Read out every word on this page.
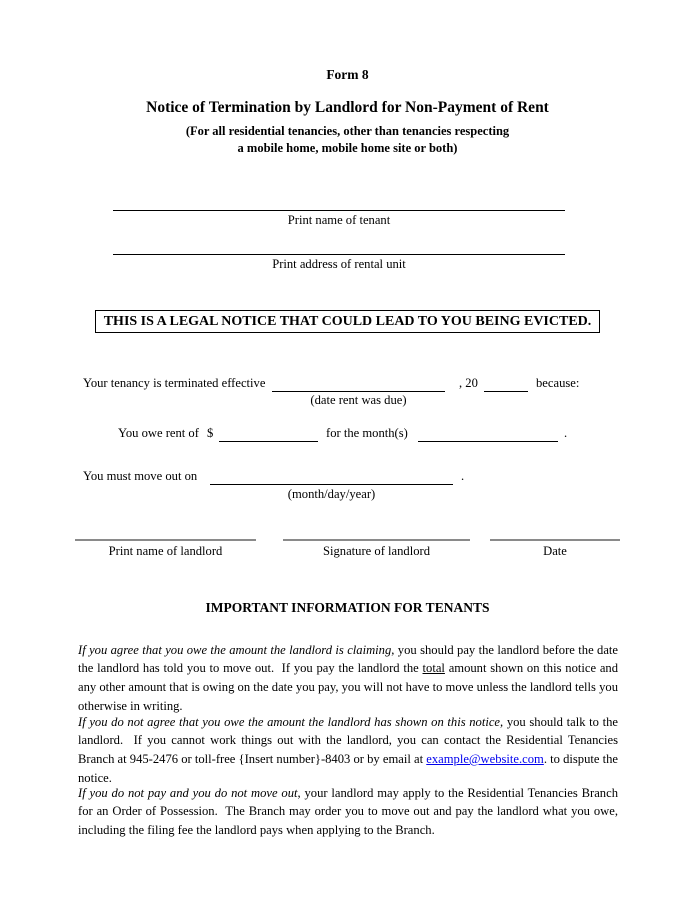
Form 8
Notice of Termination by Landlord for Non-Payment of Rent
(For all residential tenancies, other than tenancies respecting
a mobile home, mobile home site or both)
Print name of tenant
Print address of rental unit
THIS IS A LEGAL NOTICE THAT COULD LEAD TO YOU BEING EVICTED.
Your tenancy is terminated effective	, 20	because:
(date rent was due)
You owe rent of $	for the month(s)	.
You must move out on	.
(month/day/year)
Print name of landlord	Signature of landlord	Date
IMPORTANT INFORMATION FOR TENANTS

If you agree that you owe the amount the landlord is claiming, you should pay the landlord before the date the landlord has told you to move out.  If you pay the landlord the total amount shown on this notice and any other amount that is owing on the date you pay, you will not have to move unless the landlord tells you otherwise in writing.

If you do not agree that you owe the amount the landlord has shown on this notice, you should talk to the landlord.  If you cannot work things out with the landlord, you can contact the Residential Tenancies Branch at 945-2476 or toll-free {Insert number}-8403 or by email at example@website.com. to dispute the notice.

If you do not pay and you do not move out, your landlord may apply to the Residential Tenancies Branch for an Order of Possession.  The Branch may order you to move out and pay the landlord what you owe, including the filing fee the landlord pays when applying to the Branch.
